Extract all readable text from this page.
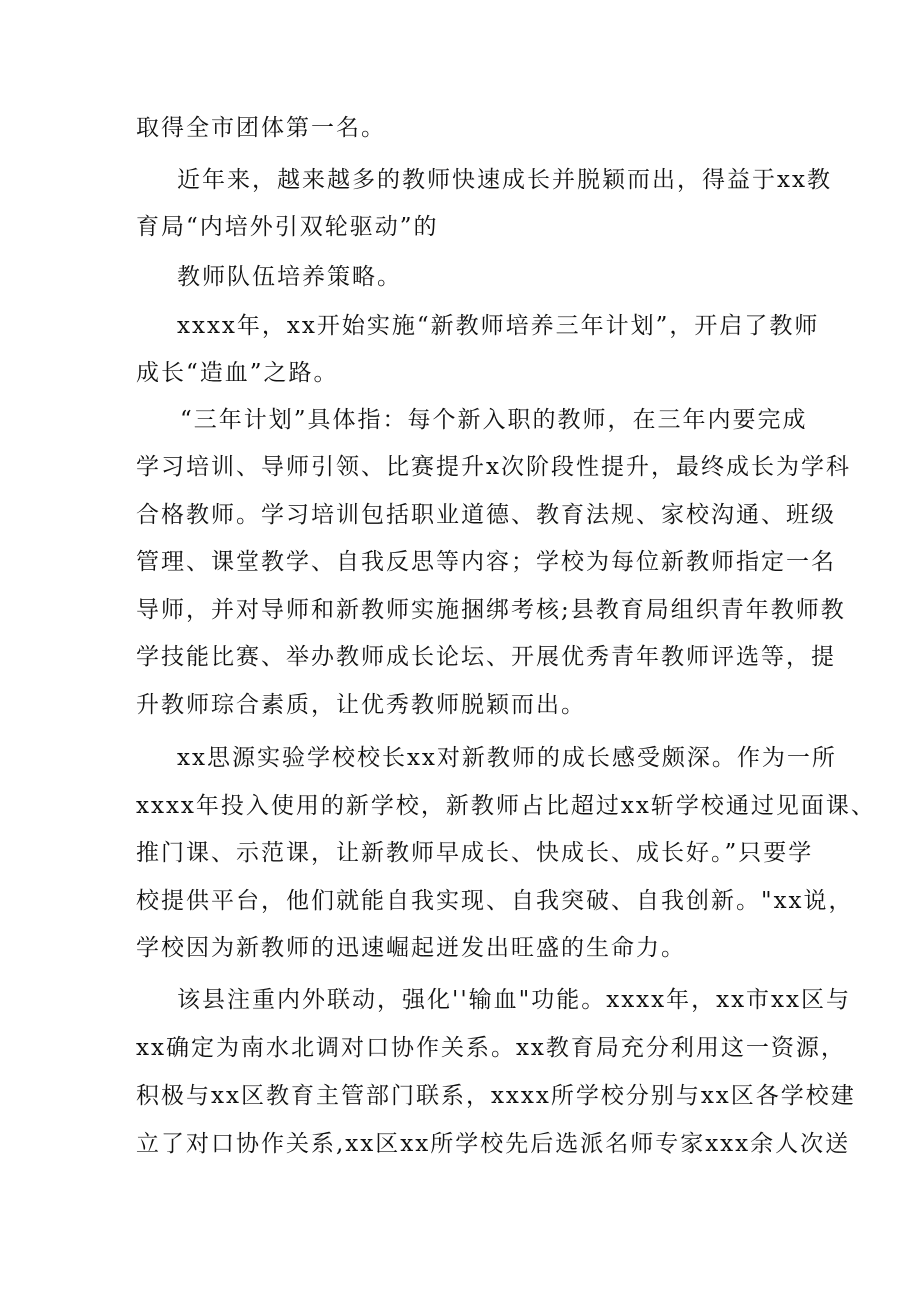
取得全市团体第一名。
近年来，越来越多的教师快速成长并脱颖而出，得益于xx教
育局“内培外引双轮驱动”的
教师队伍培养策略。
xxxx年，xx开始实施“新教师培养三年计划”，开启了教师
成长“造血”之路。
“三年计划”具体指：每个新入职的教师，在三年内要完成
学习培训、导师引领、比赛提升x次阶段性提升，最终成长为学科
合格教师。学习培训包括职业道德、教育法规、家校沟通、班级
管理、课堂教学、自我反思等内容；学校为每位新教师指定一名
导师，并对导师和新教师实施捆绑考核;县教育局组织青年教师教
学技能比赛、举办教师成长论坛、开展优秀青年教师评选等，提
升教师琮合素质，让优秀教师脱颖而出。
xx思源实验学校校长xx对新教师的成长感受颇深。作为一所
xxxx年投入使用的新学校，新教师占比超过xx斩学校通过见面课、
推门课、示范课，让新教师早成长、快成长、成长好。”只要学
校提供平台，他们就能自我实现、自我突破、自我创新。"xx说，
学校因为新教师的迅速崛起迸发出旺盛的生命力。
该县注重内外联动，强化''输血"功能。xxxx年，xx市xx区与
xx确定为南水北调对口协作关系。xx教育局充分利用这一资源，
积极与xx区教育主管部门联系，xxxx所学校分别与xx区各学校建
立了对口协作关系,xx区xx所学校先后选派名师专家xxx余人次送
